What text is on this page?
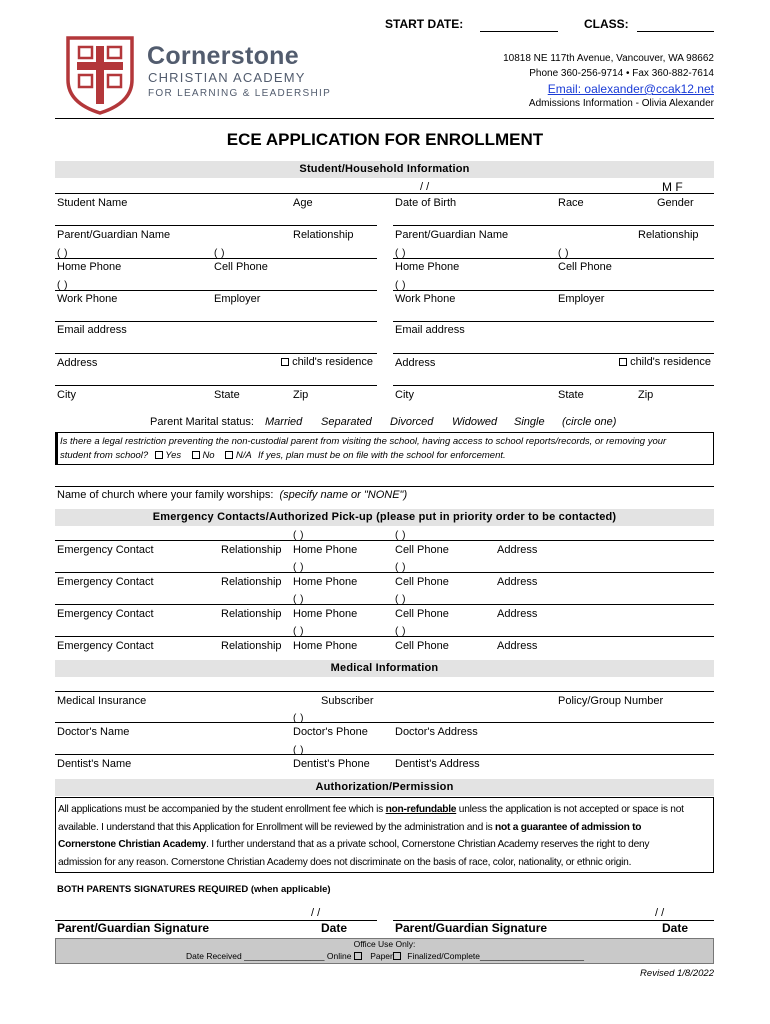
START DATE:	CLASS:
Cornerstone
CHRISTIAN ACADEMY
FOR LEARNING & LEADERSHIP
10818 NE 117th Avenue, Vancouver, WA 98662
Phone 360-256-9714 • Fax 360-882-7614
Email: oalexander@ccak12.net
Admissions Information - Olivia Alexander
ECE APPLICATION FOR ENROLLMENT
Student/Household Information
/ /	M F
Student Name	Age	Date of Birth	Race	Gender
Parent/Guardian Name	Relationship	Parent/Guardian Name	Relationship
( )	( )	( )	( )
Home Phone	Cell Phone	Home Phone	Cell Phone
( )	( )
Work Phone	Employer	Work Phone	Employer
Email address	Email address
Address	child's residence Address	child's residence
City	State	Zip	City	State	Zip
Parent Marital status: Married Separated Divorced Widowed Single (circle one)
Is there a legal restriction preventing the non-custodial parent from visiting the school, having access to school reports/records, or removing your
student from school? Yes No N/A If yes, plan must be on file with the school for enforcement.
Name of church where your family worships: (specify name or "NONE")
Emergency Contacts/Authorized Pick-up (please put in priority order to be contacted)
( )	( )
Emergency Contact	Relationship Home Phone	Cell Phone	Address
( )	( )
Emergency Contact	Relationship Home Phone	Cell Phone	Address
( )	( )
Emergency Contact	Relationship Home Phone	Cell Phone	Address
( )	( )
Emergency Contact	Relationship Home Phone	Cell Phone	Address
Medical Information
Medical Insurance	Subscriber	Policy/Group Number
( )
Doctor's Name	Doctor's Phone Doctor's Address
( )
Dentist's Name	Dentist's Phone Dentist's Address
Authorization/Permission
All applications must be accompanied by the student enrollment fee which is non-refundable unless the application is not accepted or space is not
available. I understand that this Application for Enrollment will be reviewed by the administration and is not a guarantee of admission to
Cornerstone Christian Academy. I further understand that as a private school, Cornerstone Christian Academy reserves the right to deny
admission for any reason. Cornerstone Christian Academy does not discriminate on the basis of race, color, nationality, or ethnic origin.
BOTH PARENTS SIGNATURES REQUIRED (when applicable)
/ /	/ /
Parent/Guardian Signature	Date	Parent/Guardian Signature	Date
Office Use Only:
Date Received _________________ Online Paper Finalized/Complete______________________
Revised 1/8/2022
